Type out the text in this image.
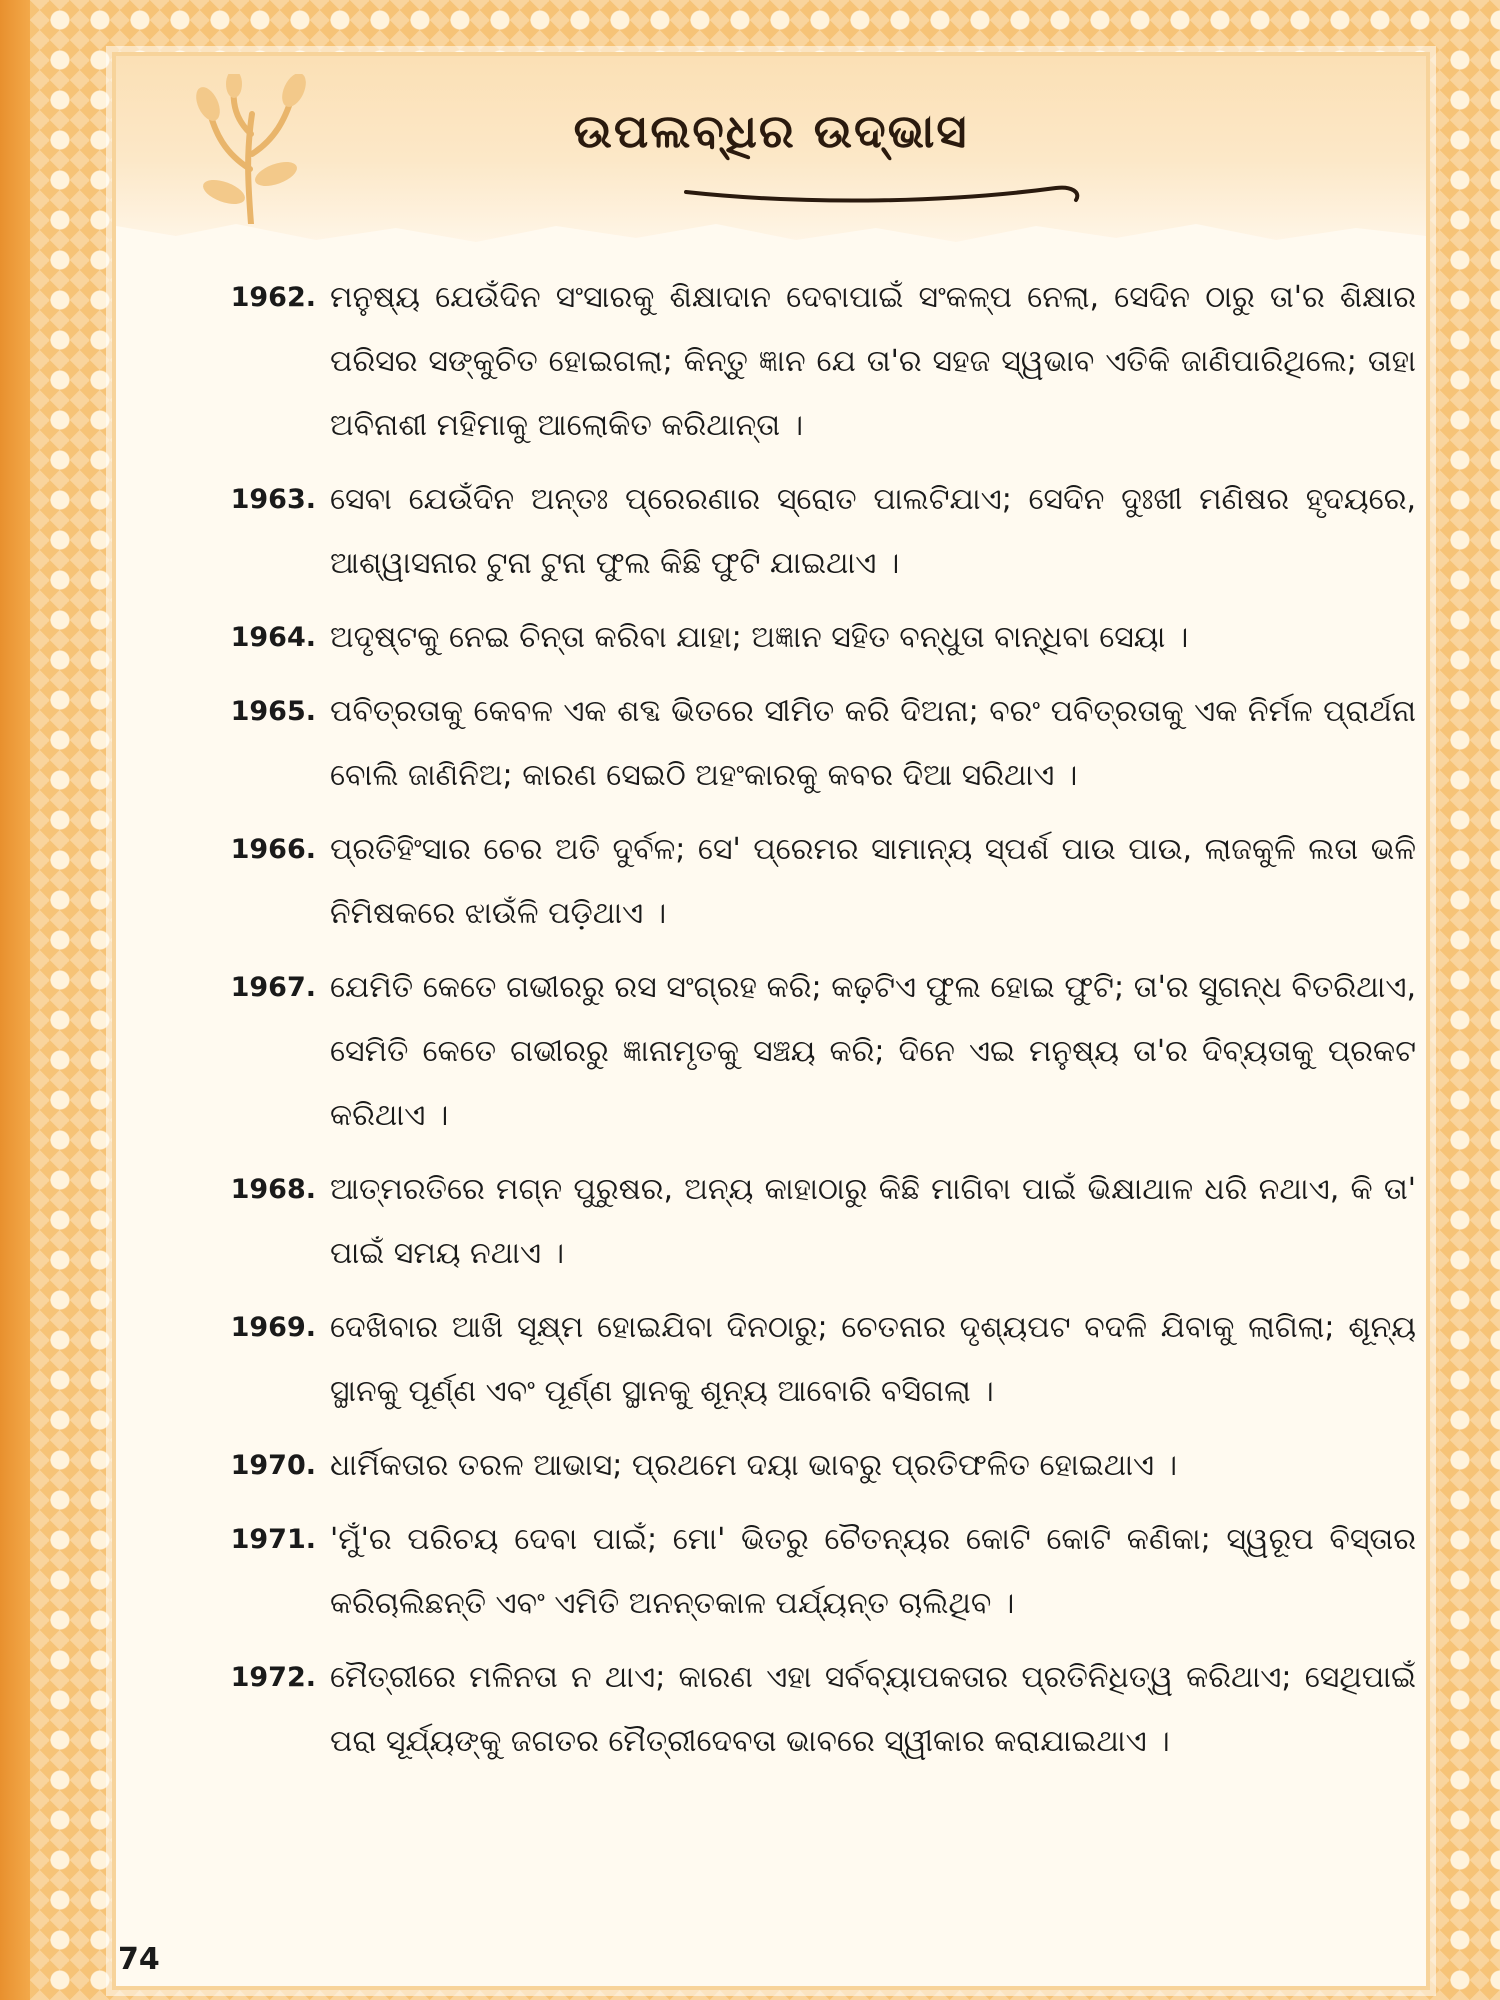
ଉପଲବ୍ଧିର ଉଦ୍ଭାସ
1962. ମନୁଷ୍ୟ ଯେଉଁଦିନ ସଂସାରକୁ ଶିକ୍ଷାଦାନ ଦେବାପାଇଁ ସଂକଳ୍ପ ନେଲା, ସେଦିନ ଠାରୁ ତା'ର ଶିକ୍ଷାର ପରିସର ସଙ୍କୁଚିତ ହୋଇଗଲା; କିନ୍ତୁ ଜ୍ଞାନ ଯେ ତା'ର ସହଜ ସ୍ୱଭାବ ଏତିକି ଜାଣିପାରିଥିଲେ; ତାହା ଅବିନାଶୀ ମହିମାକୁ ଆଲୋକିତ କରିଥାନ୍ତା ।
1963. ସେବା ଯେଉଁଦିନ ଅନ୍ତଃ ପ୍ରେରଣାର ସ୍ରୋତ ପାଲଟିଯାଏ; ସେଦିନ ଦୁଃଖୀ ମଣିଷର ହୃଦୟରେ, ଆଶ୍ୱାସନାର ଟୁନା ଟୁନା ଫୁଲ କିଛି ଫୁଟି ଯାଇଥାଏ ।
1964. ଅଦୃଷ୍ଟକୁ ନେଇ ଚିନ୍ତା କରିବା ଯାହା; ଅଜ୍ଞାନ ସହିତ ବନ୍ଧୁତା ବାନ୍ଧିବା ସେୟା ।
1965. ପବିତ୍ରତାକୁ କେବଳ ଏକ ଶବ୍ଦ ଭିତରେ ସୀମିତ କରି ଦିଅନା; ବରଂ ପବିତ୍ରତାକୁ ଏକ ନିର୍ମଳ ପ୍ରାର୍ଥନା ବୋଲି ଜାଣିନିଅ; କାରଣ ସେଇଠି ଅହଂକାରକୁ କବର ଦିଆ ସରିଥାଏ ।
1966. ପ୍ରତିହିଂସାର ଚେର ଅତି ଦୁର୍ବଳ; ସେ' ପ୍ରେମର ସାମାନ୍ୟ ସ୍ପର୍ଶ ପାଉ ପାଉ, ଲାଜକୁଳି ଲତା ଭଳି ନିମିଷକରେ ଝାଉଁଳି ପଡ଼ିଥାଏ ।
1967. ଯେମିତି କେତେ ଗଭୀରରୁ ରସ ସଂଗ୍ରହ କରି; କଢ଼ଟିଏ ଫୁଲ ହୋଇ ଫୁଟି; ତା'ର ସୁଗନ୍ଧ ବିତରିଥାଏ, ସେମିତି କେତେ ଗଭୀରରୁ ଜ୍ଞାନାମୃତକୁ ସଞ୍ଚୟ କରି; ଦିନେ ଏଇ ମନୁଷ୍ୟ ତା'ର ଦିବ୍ୟତାକୁ ପ୍ରକଟ କରିଥାଏ ।
1968. ଆତ୍ମରତିରେ ମଗ୍ନ ପୁରୁଷର, ଅନ୍ୟ କାହାଠାରୁ କିଛି ମାଗିବା ପାଇଁ ଭିକ୍ଷାଥାଳ ଧରି ନଥାଏ, କି ତା' ପାଇଁ ସମୟ ନଥାଏ ।
1969. ଦେଖିବାର ଆଖି ସୂକ୍ଷ୍ମ ହୋଇଯିବା ଦିନଠାରୁ; ଚେତନାର ଦୃଶ୍ୟପଟ ବଦଳି ଯିବାକୁ ଲାଗିଲା; ଶୂନ୍ୟ ସ୍ଥାନକୁ ପୂର୍ଣ୍ଣ ଏବଂ ପୂର୍ଣ୍ଣ ସ୍ଥାନକୁ ଶୂନ୍ୟ ଆବୋରି ବସିଗଲା ।
1970. ଧାର୍ମିକତାର ତରଳ ଆଭାସ; ପ୍ରଥମେ ଦୟା ଭାବରୁ ପ୍ରତିଫଳିତ ହୋଇଥାଏ ।
1971. 'ମୁଁ'ର ପରିଚୟ ଦେବା ପାଇଁ; ମୋ' ଭିତରୁ ଚୈତନ୍ୟର କୋଟି କୋଟି କଣିକା; ସ୍ୱରୂପ ବିସ୍ତାର କରିଚାଲିଛନ୍ତି ଏବଂ ଏମିତି ଅନନ୍ତକାଳ ପର୍ଯ୍ୟନ୍ତ ଚାଲିଥିବ ।
1972. ମୈତ୍ରୀରେ ମଳିନତା ନ ଥାଏ; କାରଣ ଏହା ସର୍ବବ୍ୟାପକତାର ପ୍ରତିନିଧିତ୍ୱ କରିଥାଏ; ସେଥିପାଇଁ ପରା ସୂର୍ଯ୍ୟଙ୍କୁ ଜଗତର ମୈତ୍ରୀଦେବତା ଭାବରେ ସ୍ୱୀକାର କରାଯାଇଥାଏ ।
74
